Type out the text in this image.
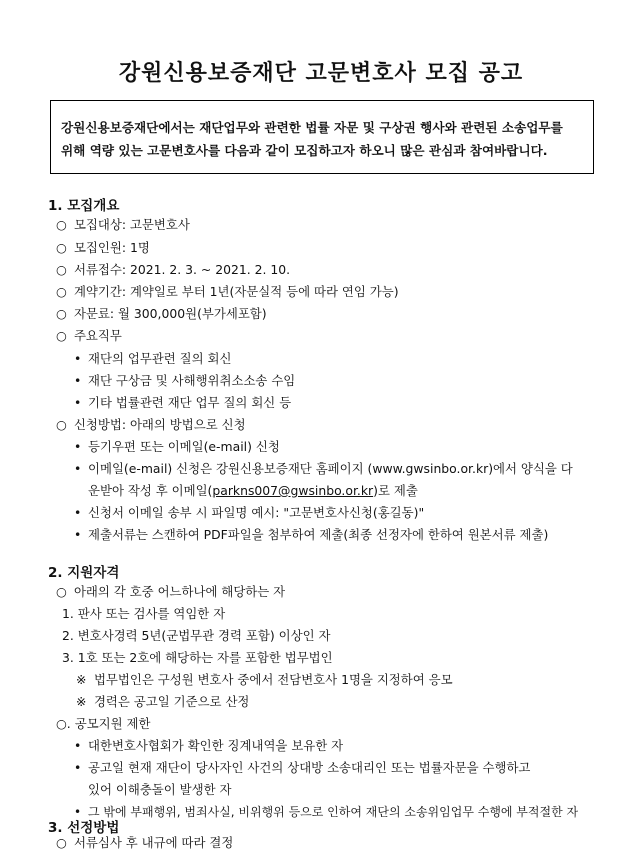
강원신용보증재단 고문변호사 모집 공고

강원신용보증재단에서는 재단업무와 관련한 법률 자문 및 구상권 행사와 관련된 소송업무를

위해 역량 있는 고문변호사를 다음과 같이 모집하고자 하오니 많은 관심과 참여바랍니다.

1. 모집개요
○ 모집대상: 고문변호사
○ 모집인원: 1명
○ 서류접수: 2021. 2. 3. ~ 2021. 2. 10.
○ 계약기간: 계약일로 부터 1년(자문실적 등에 따라 연임 가능)
○ 자문료: 월 300,000원(부가세포함)
○ 주요직무
• 재단의 업무관련 질의 회신
• 재단 구상금 및 사해행위취소소송 수임
• 기타 법률관련 재단 업무 질의 회신 등
○ 신청방법: 아래의 방법으로 신청
• 등기우편 또는 이메일(e-mail) 신청
• 이메일(e-mail) 신청은 강원신용보증재단 홈페이지 (www.gwsinbo.or.kr)에서 양식을 다
운받아 작성 후 이메일(parkns007@gwsinbo.or.kr)로 제출
• 신청서 이메일 송부 시 파일명 예시: "고문변호사신청(홍길동)"
• 제출서류는 스캔하여 PDF파일을 첨부하여 제출(최종 선정자에 한하여 원본서류 제출)
2. 지원자격
○ 아래의 각 호중 어느하나에 해당하는 자
1. 판사 또는 검사를 역임한 자
2. 변호사경력 5년(군법무관 경력 포함) 이상인 자
3. 1호 또는 2호에 해당하는 자를 포함한 법무법인
※ 법무법인은 구성원 변호사 중에서 전담변호사 1명을 지정하여 응모
※ 경력은 공고일 기준으로 산정
○. 공모지원 제한
• 대한변호사협회가 확인한 징계내역을 보유한 자
• 공고일 현재 재단이 당사자인 사건의 상대방 소송대리인 또는 법률자문을 수행하고
있어 이해충돌이 발생한 자
• 그 밖에 부패행위, 범죄사실, 비위행위 등으로 인하여 재단의 소송위임업무 수행에 부적절한 자
3. 선정방법
○ 서류심사 후 내규에 따라 결정
